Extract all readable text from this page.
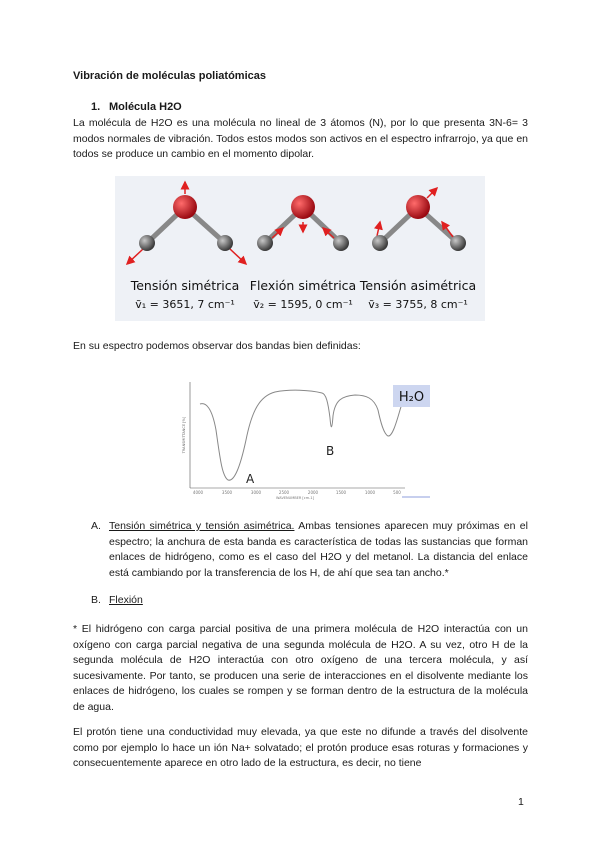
Vibración de moléculas poliatómicas
1. Molécula H2O
La molécula de H2O es una molécula no lineal de 3 átomos (N), por lo que presenta 3N-6= 3 modos normales de vibración. Todos estos modos son activos en el espectro infrarrojo, ya que en todos se produce un cambio en el momento dipolar.
Tensión simétrica
ṽ₁ = 3651, 7 cm⁻¹
Flexión simétrica
ṽ₂ = 1595, 0 cm⁻¹
Tensión asimétrica
ṽ₃ = 3755, 8 cm⁻¹
En su espectro podemos observar dos bandas bien definidas:
TRANSMITTANCE [%]
A
B
H₂O
4000	3500	3000	2500	2000	1500	1000	500
WAVENUMBER [cm-1]
A. Tensión simétrica y tensión asimétrica. Ambas tensiones aparecen muy próximas en el espectro; la anchura de esta banda es característica de todas las sustancias que forman enlaces de hidrógeno, como es el caso del H2O y del metanol. La distancia del enlace está cambiando por la transferencia de los H, de ahí que sea tan ancho.*
B. Flexión
* El hidrógeno con carga parcial positiva de una primera molécula de H2O interactúa con un oxígeno con carga parcial negativa de una segunda molécula de H2O. A su vez, otro H de la segunda molécula de H2O interactúa con otro oxígeno de una tercera molécula, y así sucesivamente. Por tanto, se producen una serie de interacciones en el disolvente mediante los enlaces de hidrógeno, los cuales se rompen y se forman dentro de la estructura de la molécula de agua.
El protón tiene una conductividad muy elevada, ya que este no difunde a través del disolvente como por ejemplo lo hace un ión Na+ solvatado; el protón produce esas roturas y formaciones y consecuentemente aparece en otro lado de la estructura, es decir, no tiene
1
